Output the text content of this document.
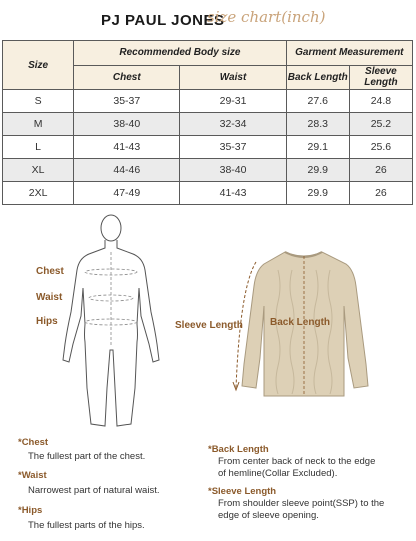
PJ PAUL JONES
size chart(inch)
Size	Recommended Body size		Garment Measurement	
	Chest	Waist	Back Length	Sleeve Length
S	35-37	29-31	27.6	24.8
M	38-40	32-34	28.3	25.2
L	41-43	35-37	29.1	25.6
XL	44-46	38-40	29.9	26
2XL	47-49	41-43	29.9	26
Chest
Waist
Hips	Sleeve Length	Back Length
*Chest
The fullest part of the chest.
*Waist
Narrowest part of natural waist.
*Hips
The fullest parts of the hips.
*Back Length
From center back of neck to the edge
of hemline(Collar Excluded).
*Sleeve Length
From shoulder sleeve point(SSP) to the
edge of sleeve opening.
